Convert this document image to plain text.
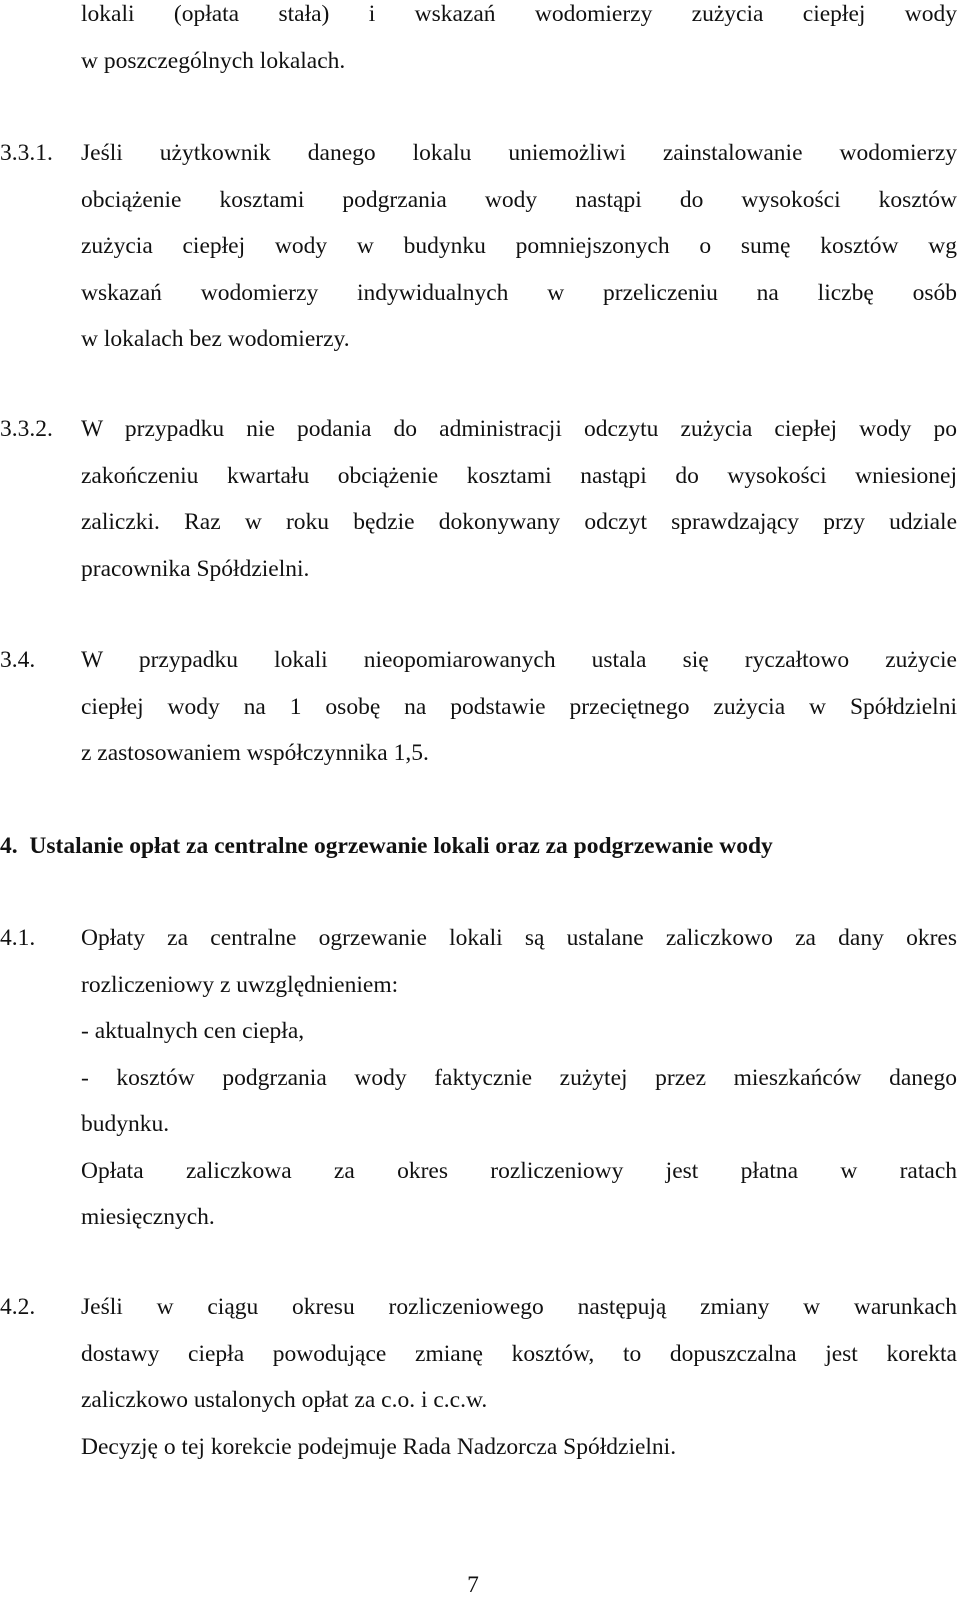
lokali (opłata stała) i wskazań wodomierzy zużycia ciepłej wody
w poszczególnych lokalach.
3.3.1. Jeśli użytkownik danego lokalu uniemożliwi zainstalowanie wodomierzy
obciążenie kosztami podgrzania wody nastąpi do wysokości kosztów
zużycia ciepłej wody w budynku pomniejszonych o sumę kosztów wg
wskazań wodomierzy indywidualnych w przeliczeniu na liczbę osób
w lokalach bez wodomierzy.
3.3.2. W przypadku nie podania do administracji odczytu zużycia ciepłej wody po
zakończeniu kwartału obciążenie kosztami nastąpi do wysokości wniesionej
zaliczki. Raz w roku będzie dokonywany odczyt sprawdzający przy udziale
pracownika Spółdzielni.
3.4. W przypadku lokali nieopomiarowanych ustala się ryczałtowo zużycie
ciepłej wody na 1 osobę na podstawie przeciętnego zużycia w Spółdzielni
z zastosowaniem współczynnika 1,5.
4.  Ustalanie opłat za centralne ogrzewanie lokali oraz za podgrzewanie wody
4.1. Opłaty za centralne ogrzewanie lokali są ustalane zaliczkowo za dany okres
rozliczeniowy z uwzględnieniem:
- aktualnych cen ciepła,
- kosztów podgrzania wody faktycznie zużytej przez mieszkańców danego
budynku.
Opłata zaliczkowa za okres rozliczeniowy jest płatna w ratach
miesięcznych.
4.2. Jeśli w ciągu okresu rozliczeniowego następują zmiany w warunkach
dostawy ciepła powodujące zmianę kosztów, to dopuszczalna jest korekta
zaliczkowo ustalonych opłat za c.o. i c.c.w.
Decyzję o tej korekcie podejmuje Rada Nadzorcza Spółdzielni.
7
